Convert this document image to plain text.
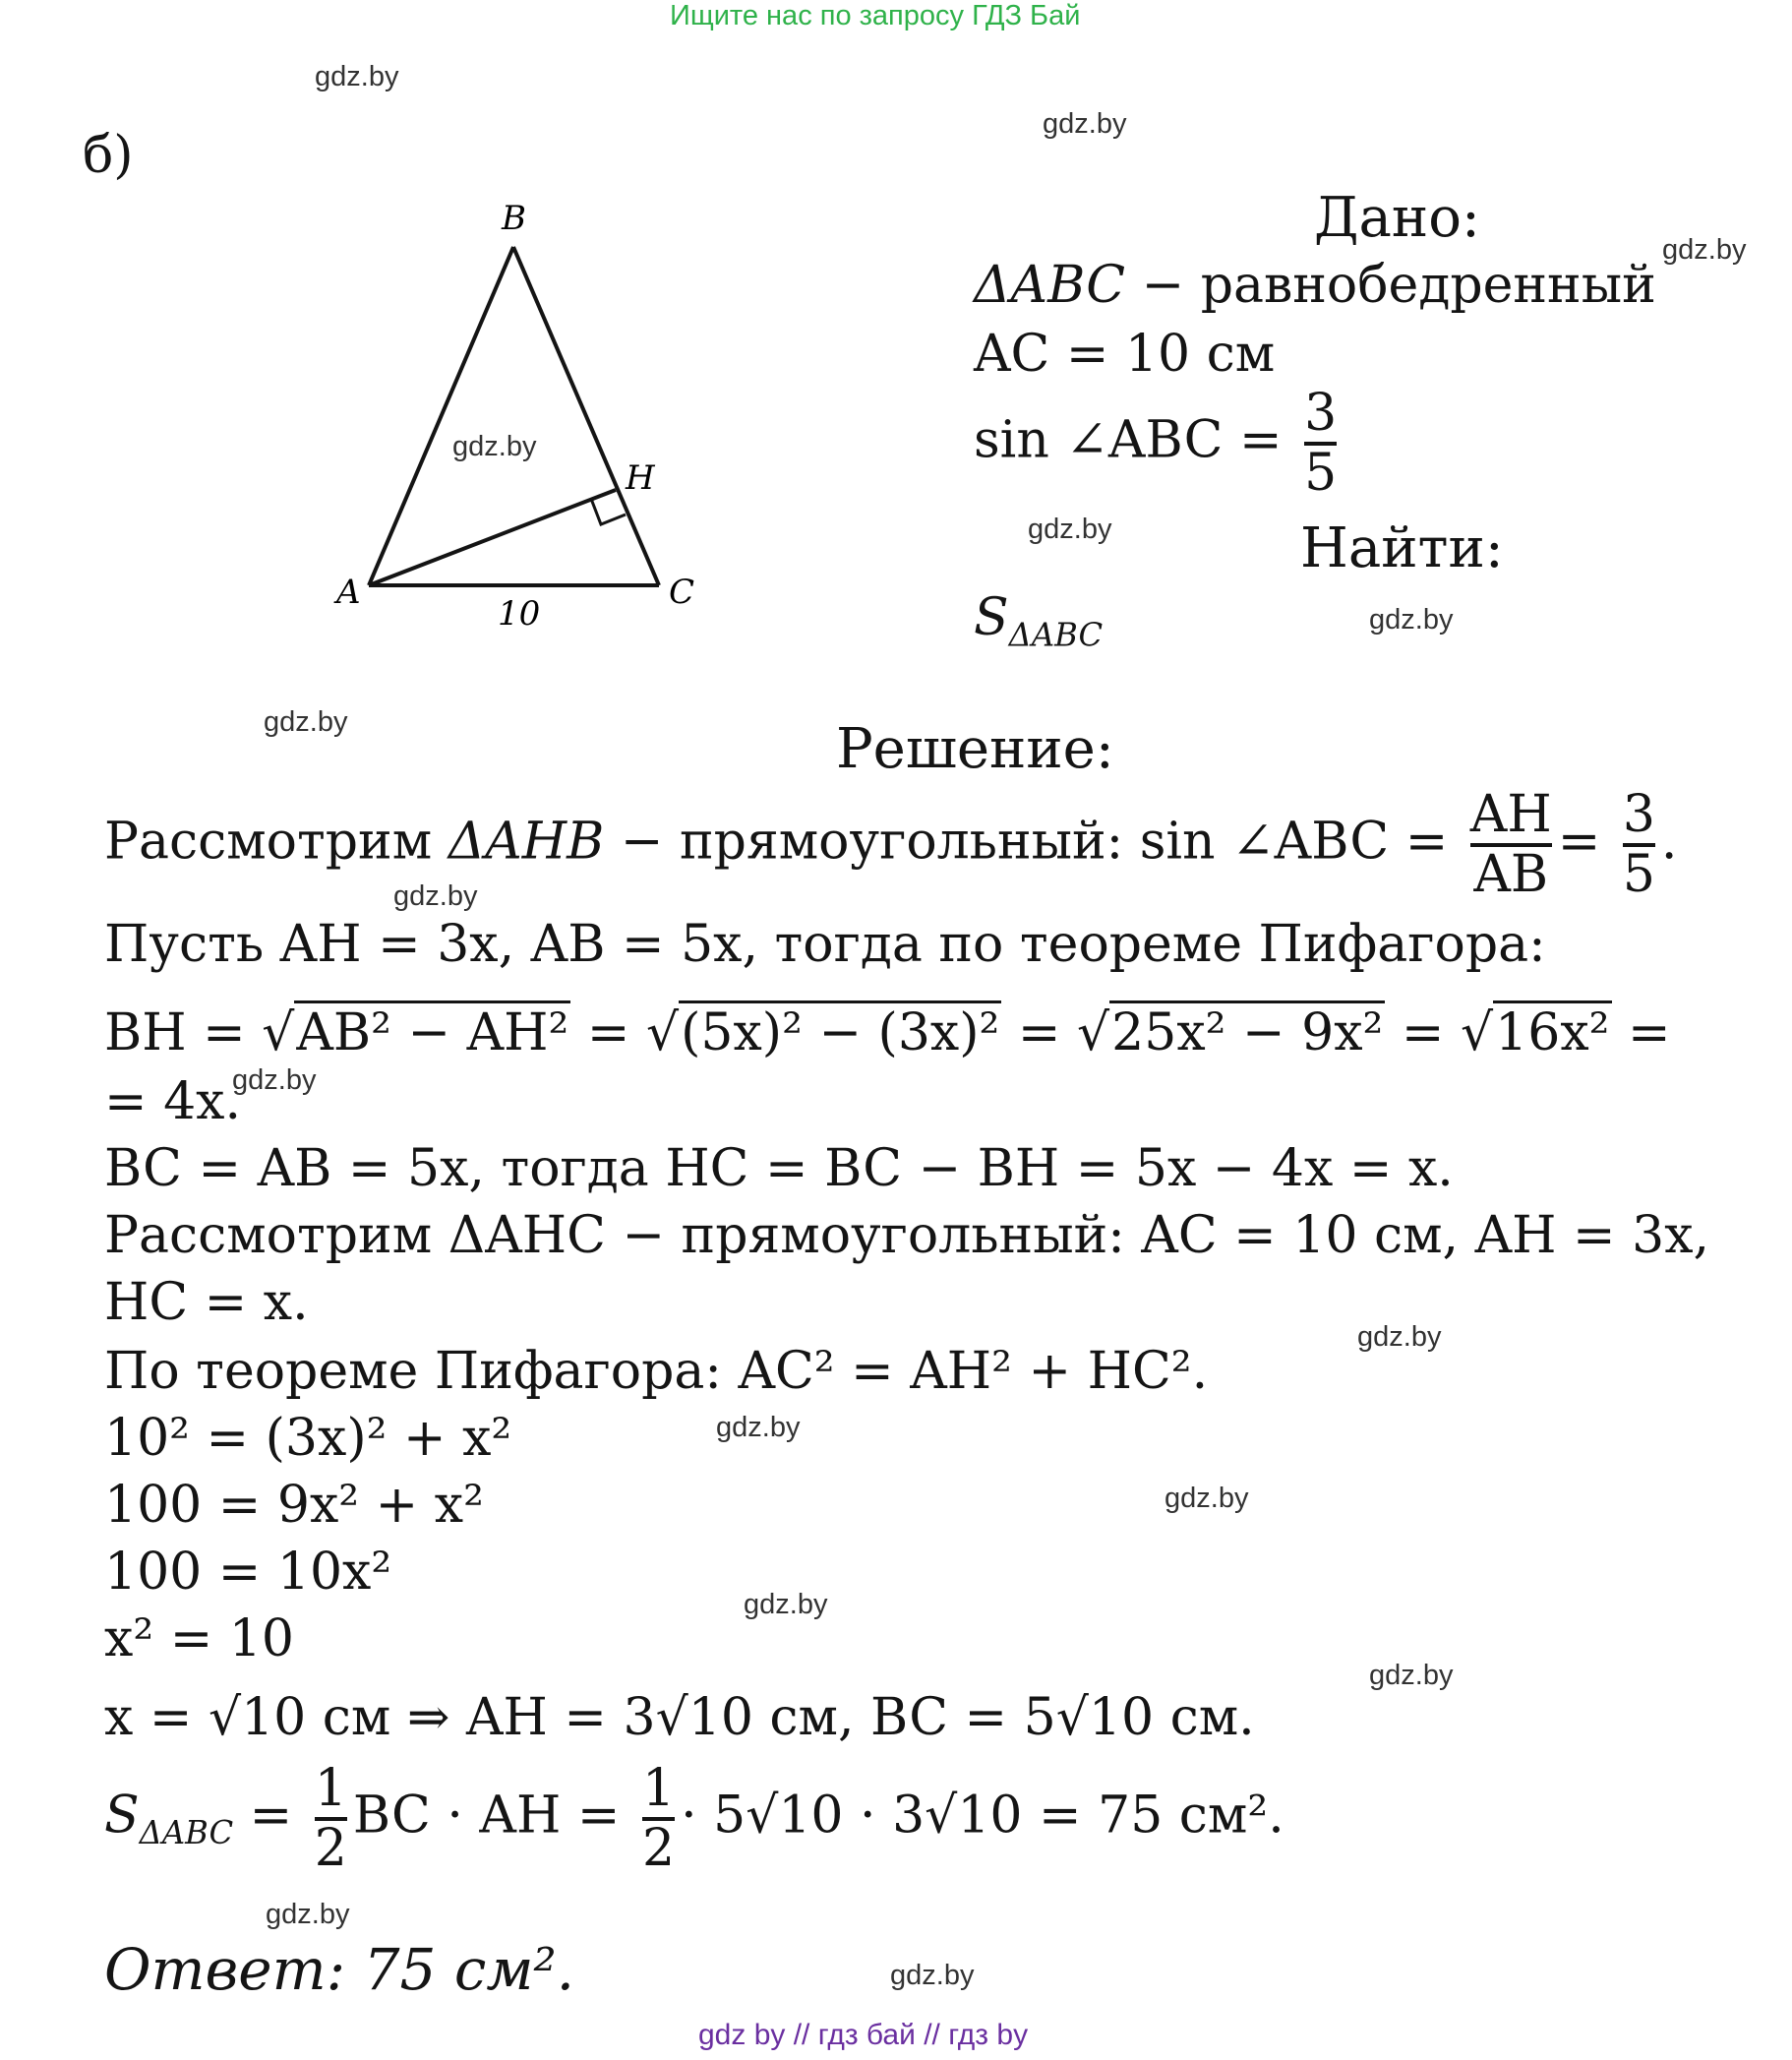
Ищите нас по запросу ГДЗ Бай
gdz.by
gdz.by
gdz.by
gdz.by
gdz.by
gdz.by
gdz.by
gdz.by
gdz.by
gdz.by
gdz.by
gdz.by
gdz.by
gdz.by
gdz.by
gdz.by
б)
B
A	C
H
10
Дано:
ΔABC − равнобедренный
AC = 10 см
sin ∠ABC = $\frac{3}{5}$
Найти:
$S_{\Delta ABC}$
Решение:
Рассмотрим ΔAHB − прямоугольный: sin ∠ABC = $\frac{AH}{AB} = \frac{3}{5}$ .
Пусть AH = 3x, AB = 5x, тогда по теореме Пифагора:
BH = √AB² − AH² = √(5x)² − (3x)² = √25x² − 9x² = √16x² =
= 4x.
BC = AB = 5x, тогда HC = BC − BH = 5x − 4x = x.
Рассмотрим ΔAHC − прямоугольный: AC = 10 см, AH = 3x,
HC = x.
По теореме Пифагора: AC² = AH² + HC².
10² = (3x)² + x²
100 = 9x² + x²
100 = 10x²
x² = 10
x = √10 см ⇒ AH = 3√10 см, BC = 5√10 см.
$S_{\Delta ABC} = \frac{1}{2}$ BC · AH = $\frac{1}{2} \cdot 5√10 \cdot 3√10 = 75$ см².
Ответ: 75 см².
gdz by // гдз бай // гдз by
